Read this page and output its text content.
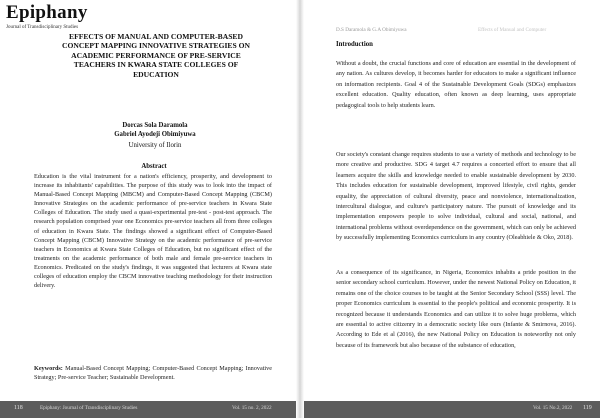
Epiphany
Journal of Transdisciplinary Studies
EFFECTS OF MANUAL AND COMPUTER-BASED CONCEPT MAPPING INNOVATIVE STRATEGIES ON ACADEMIC PERFORMANCE OF PRE-SERVICE TEACHERS IN KWARA STATE COLLEGES OF EDUCATION
Dorcas Sola Daramola
Gabriel Ayodeji Obimiyuwa
University of Ilorin
Abstract
Education is the vital instrument for a nation's efficiency, prosperity, and development to increase its inhabitants' capabilities. The purpose of this study was to look into the impact of Manual-Based Concept Mapping (MBCM) and Computer-Based Concept Mapping (CBCM) Innovative Strategies on the academic performance of pre-service teachers in Kwara State Colleges of Education. The study used a quasi-experimental pre-test - post-test approach. The research population comprised year one Economics pre-service teachers all from three colleges of education in Kwara State. The findings showed a significant effect of Computer-Based Concept Mapping (CBCM) Innovative Strategy on the academic performance of pre-service teachers in Economics at Kwara State Colleges of Education, but no significant effect of the treatments on the academic performance of both male and female pre-service teachers in Economics. Predicated on the study's findings, it was suggested that lecturers at Kwara state colleges of education employ the CBCM innovative teaching methodology for their instruction delivery.
Keywords: Manual-Based Concept Mapping; Computer-Based Concept Mapping; Innovative Strategy; Pre-service Teacher; Sustainable Development.
118	Epiphany: Journal of Transdisciplinary Studies	Vol. 15 no. 2, 2022
D.S Daramola & G.A Obimiyuwa	Effects of Manual and Computer
Introduction

Without a doubt, the crucial functions and core of education are essential in the development of any nation. As cultures develop, it becomes harder for educators to make a significant influence on information recipients. Goal 4 of the Sustainable Development Goals (SDGs) emphasizes excellent education. Quality education, often known as deep learning, uses appropriate pedagogical tools to help students learn.

Our society's constant change requires students to use a variety of methods and technology to be more creative and productive. SDG 4 target 4.7 requires a concerted effort to ensure that all learners acquire the skills and knowledge needed to enable sustainable development by 2030. This includes education for sustainable development, improved lifestyle, civil rights, gender equality, the appreciation of cultural diversity, peace and nonviolence, internationalization, intercultural dialogue, and culture's participatory nature. The pursuit of knowledge and its implementation empowers people to solve individual, cultural and social, national, and international problems without overdependence on the government, which can only be achieved by successfully implementing Economics curriculum in any country (Oleabhiele & Oko, 2018).

As a consequence of its significance, in Nigeria, Economics inhabits a pride position in the senior secondary school curriculum. However, under the newest National Policy on Education, it remains one of the choice courses to be taught at the Senior Secondary School (SSS) level. The proper Economics curriculum is essential to the people's political and economic prosperity. It is recognized because it understands Economics and can utilize it to solve huge problems, which are essential to active citizenry in a democratic society like ours (Infante & Smirnova, 2016). According to Ede et al (2016), the new National Policy on Education is noteworthy not only because of its framework but also because of the substance of education,

Vol. 15 No.2, 2022 119
